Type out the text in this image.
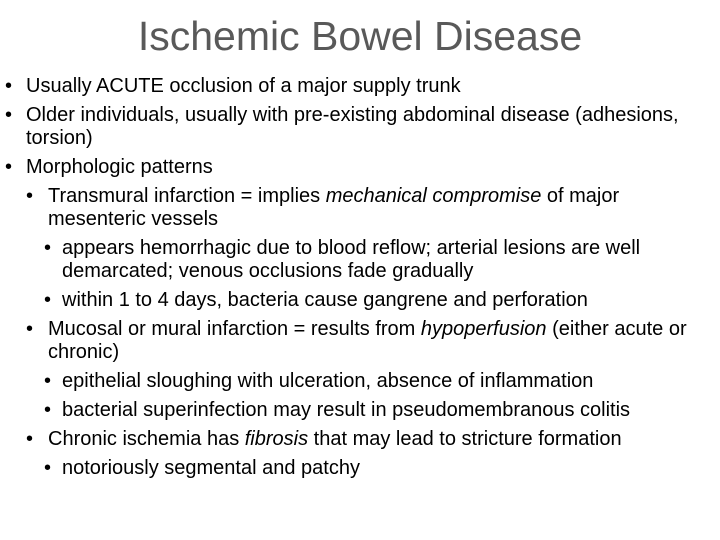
Ischemic Bowel Disease
• Usually ACUTE occlusion of a major supply trunk
• Older individuals, usually with pre-existing abdominal disease (adhesions, torsion)
• Morphologic patterns
• Transmural infarction = implies mechanical compromise of major mesenteric vessels
• appears hemorrhagic due to blood reflow; arterial lesions are well demarcated; venous occlusions fade gradually
• within 1 to 4 days, bacteria cause gangrene and perforation
• Mucosal or mural infarction = results from hypoperfusion (either acute or chronic)
• epithelial sloughing with ulceration, absence of inflammation
• bacterial superinfection may result in pseudomembranous colitis
• Chronic ischemia has fibrosis that may lead to stricture formation
• notoriously segmental and patchy
